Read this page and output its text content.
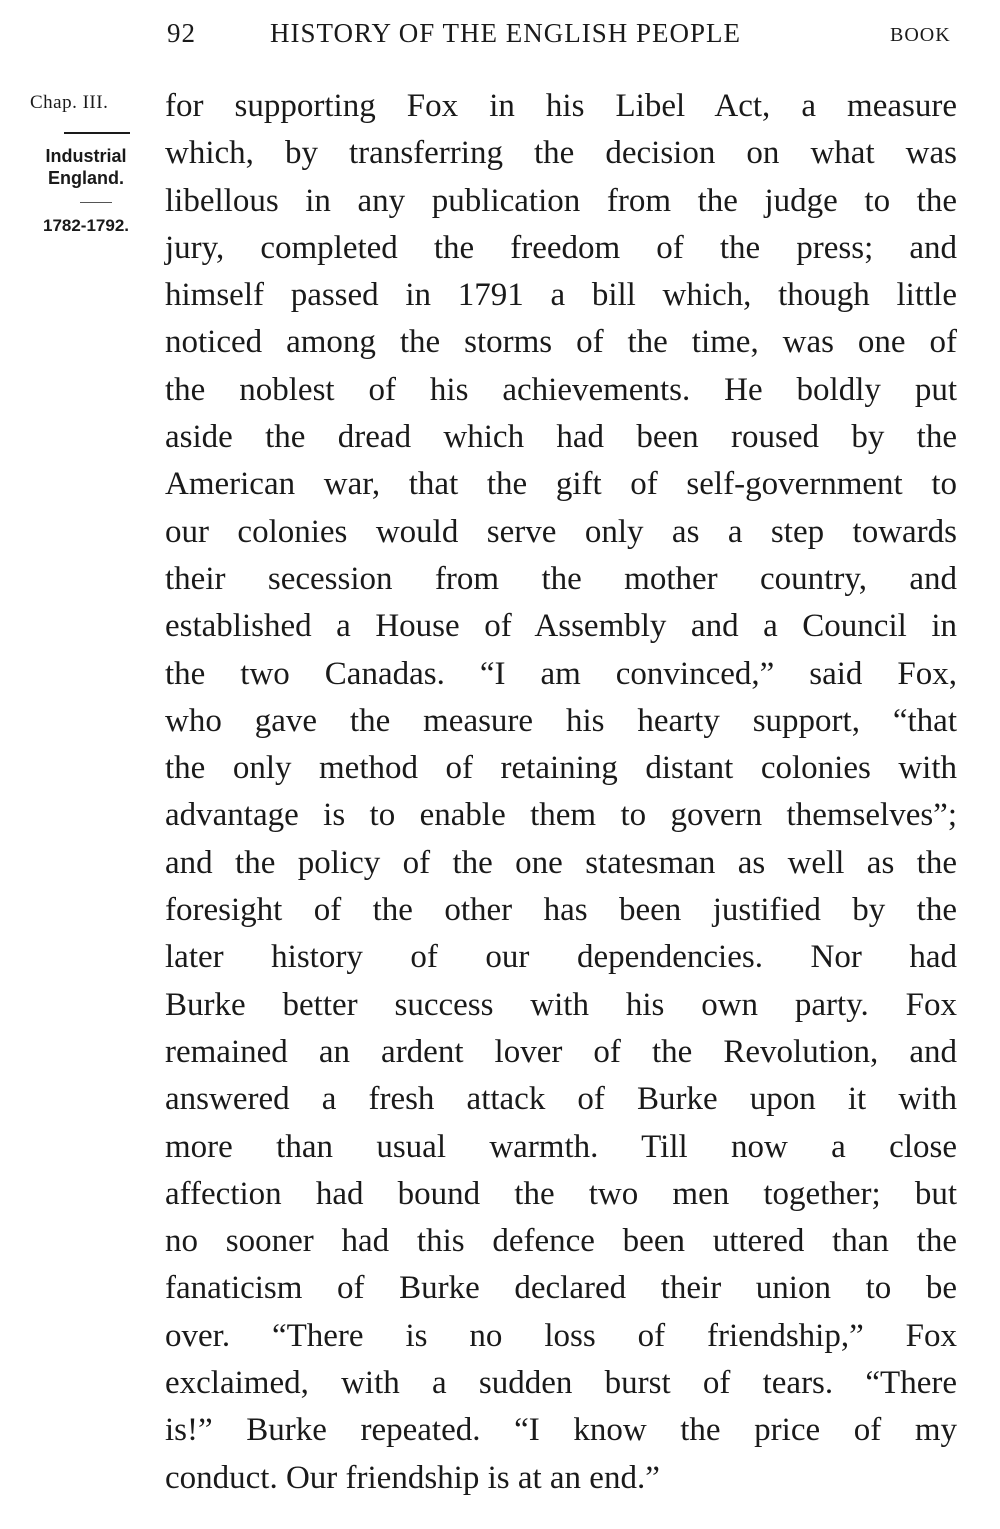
92	HISTORY OF THE ENGLISH PEOPLE	BOOK
Chap. III.
Industrial
England.
1782-1792.
for supporting Fox in his Libel Act, a measure
which, by transferring the decision on what was
libellous in any publication from the judge to the
jury, completed the freedom of the press; and
himself passed in 1791 a bill which, though little
noticed among the storms of the time, was one of
the noblest of his achievements. He boldly put
aside the dread which had been roused by the
American war, that the gift of self-government to
our colonies would serve only as a step towards
their secession from the mother country, and
established a House of Assembly and a Council in
the two Canadas. “I am convinced,” said Fox,
who gave the measure his hearty support, “that
the only method of retaining distant colonies with
advantage is to enable them to govern themselves”;
and the policy of the one statesman as well as the
foresight of the other has been justified by the
later history of our dependencies. Nor had
Burke better success with his own party. Fox
remained an ardent lover of the Revolution, and
answered a fresh attack of Burke upon it with
more than usual warmth. Till now a close
affection had bound the two men together; but
no sooner had this defence been uttered than the
fanaticism of Burke declared their union to be
over. “There is no loss of friendship,” Fox
exclaimed, with a sudden burst of tears. “There
is!” Burke repeated. “I know the price of my
conduct. Our friendship is at an end.”
